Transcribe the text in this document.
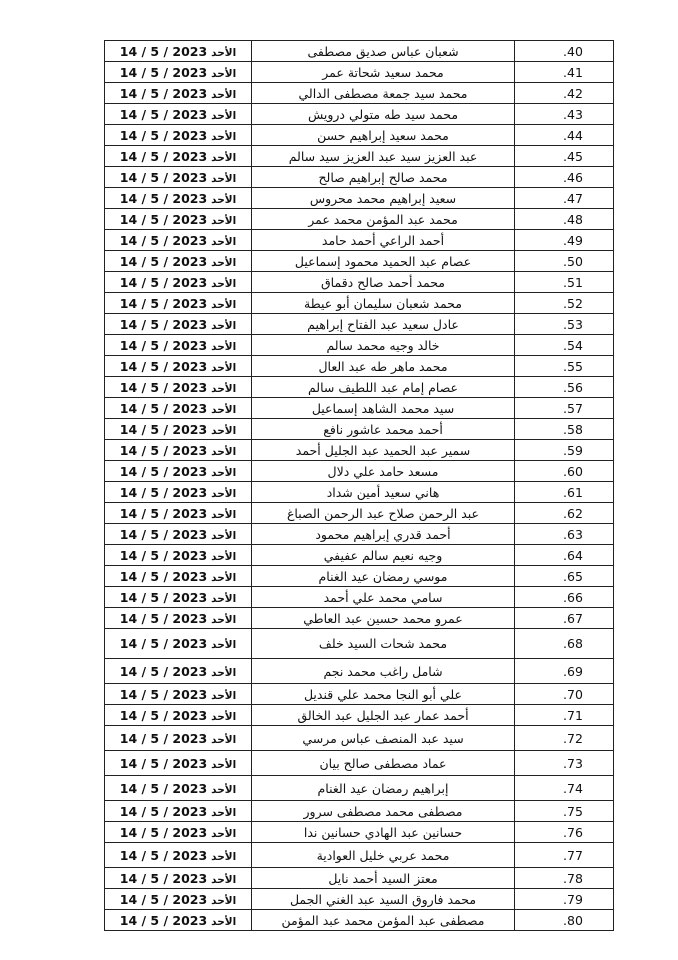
الأحد14 / 5 / 2023	شعبان عباس صديق مصطفى	.40
الأحد14 / 5 / 2023	محمد سعيد شحاتة عمر	.41
الأحد14 / 5 / 2023	محمد سيد جمعة مصطفى الدالي	.42
الأحد14 / 5 / 2023	محمد سيد طه متولي درويش	.43
الأحد14 / 5 / 2023	محمد سعيد إبراهيم حسن	.44
الأحد14 / 5 / 2023	عبد العزيز سيد عبد العزيز سيد سالم	.45
الأحد14 / 5 / 2023	محمد صالح إبراهيم صالح	.46
الأحد14 / 5 / 2023	سعيد إبراهيم محمد محروس	.47
الأحد14 / 5 / 2023	محمد عبد المؤمن محمد عمر	.48
الأحد14 / 5 / 2023	أحمد الراعي أحمد حامد	.49
الأحد14 / 5 / 2023	عصام عبد الحميد محمود إسماعيل	.50
الأحد14 / 5 / 2023	محمد أحمد صالح دقماق	.51
الأحد14 / 5 / 2023	محمد شعبان سليمان أبو عيطة	.52
الأحد14 / 5 / 2023	عادل سعيد عبد الفتاح إبراهيم	.53
الأحد14 / 5 / 2023	خالد وجيه محمد سالم	.54
الأحد14 / 5 / 2023	محمد ماهر طه عبد العال	.55
الأحد14 / 5 / 2023	عصام إمام عبد اللطيف سالم	.56
الأحد14 / 5 / 2023	سيد محمد الشاهد إسماعيل	.57
الأحد14 / 5 / 2023	أحمد محمد عاشور نافع	.58
الأحد14 / 5 / 2023	سمير عبد الحميد عبد الجليل أحمد	.59
الأحد14 / 5 / 2023	مسعد حامد علي دلال	.60
الأحد14 / 5 / 2023	هاني سعيد أمين شداد	.61
الأحد14 / 5 / 2023	عبد الرحمن صلاح عبد الرحمن الصباغ	.62
الأحد14 / 5 / 2023	أحمد قدري إبراهيم محمود	.63
الأحد14 / 5 / 2023	وجيه نعيم سالم عفيفي	.64
الأحد14 / 5 / 2023	موسي رمضان عيد الغنام	.65
الأحد14 / 5 / 2023	سامي محمد علي أحمد	.66
الأحد14 / 5 / 2023	عمرو محمد حسين عبد العاطي	.67
الأحد14 / 5 / 2023	محمد شحات السيد خلف	.68
الأحد14 / 5 / 2023	شامل راغب محمد نجم	.69
الأحد14 / 5 / 2023	علي أبو النجا محمد علي قنديل	.70
الأحد14 / 5 / 2023	أحمد عمار عبد الجليل عبد الخالق	.71
الأحد14 / 5 / 2023	سيد عبد المنصف عباس مرسي	.72
الأحد14 / 5 / 2023	عماد مصطفى صالح بيان	.73
الأحد14 / 5 / 2023	إبراهيم رمضان عيد الغنام	.74
الأحد14 / 5 / 2023	مصطفى محمد مصطفى سرور	.75
الأحد14 / 5 / 2023	حسانين عبد الهادي حسانين ندا	.76
الأحد14 / 5 / 2023	محمد عربي خليل العوادية	.77
الأحد14 / 5 / 2023	معتز السيد أحمد نايل	.78
الأحد14 / 5 / 2023	محمد فاروق السيد عبد الغني الجمل	.79
الأحد14 / 5 / 2023	مصطفى عبد المؤمن محمد عبد المؤمن	.80
